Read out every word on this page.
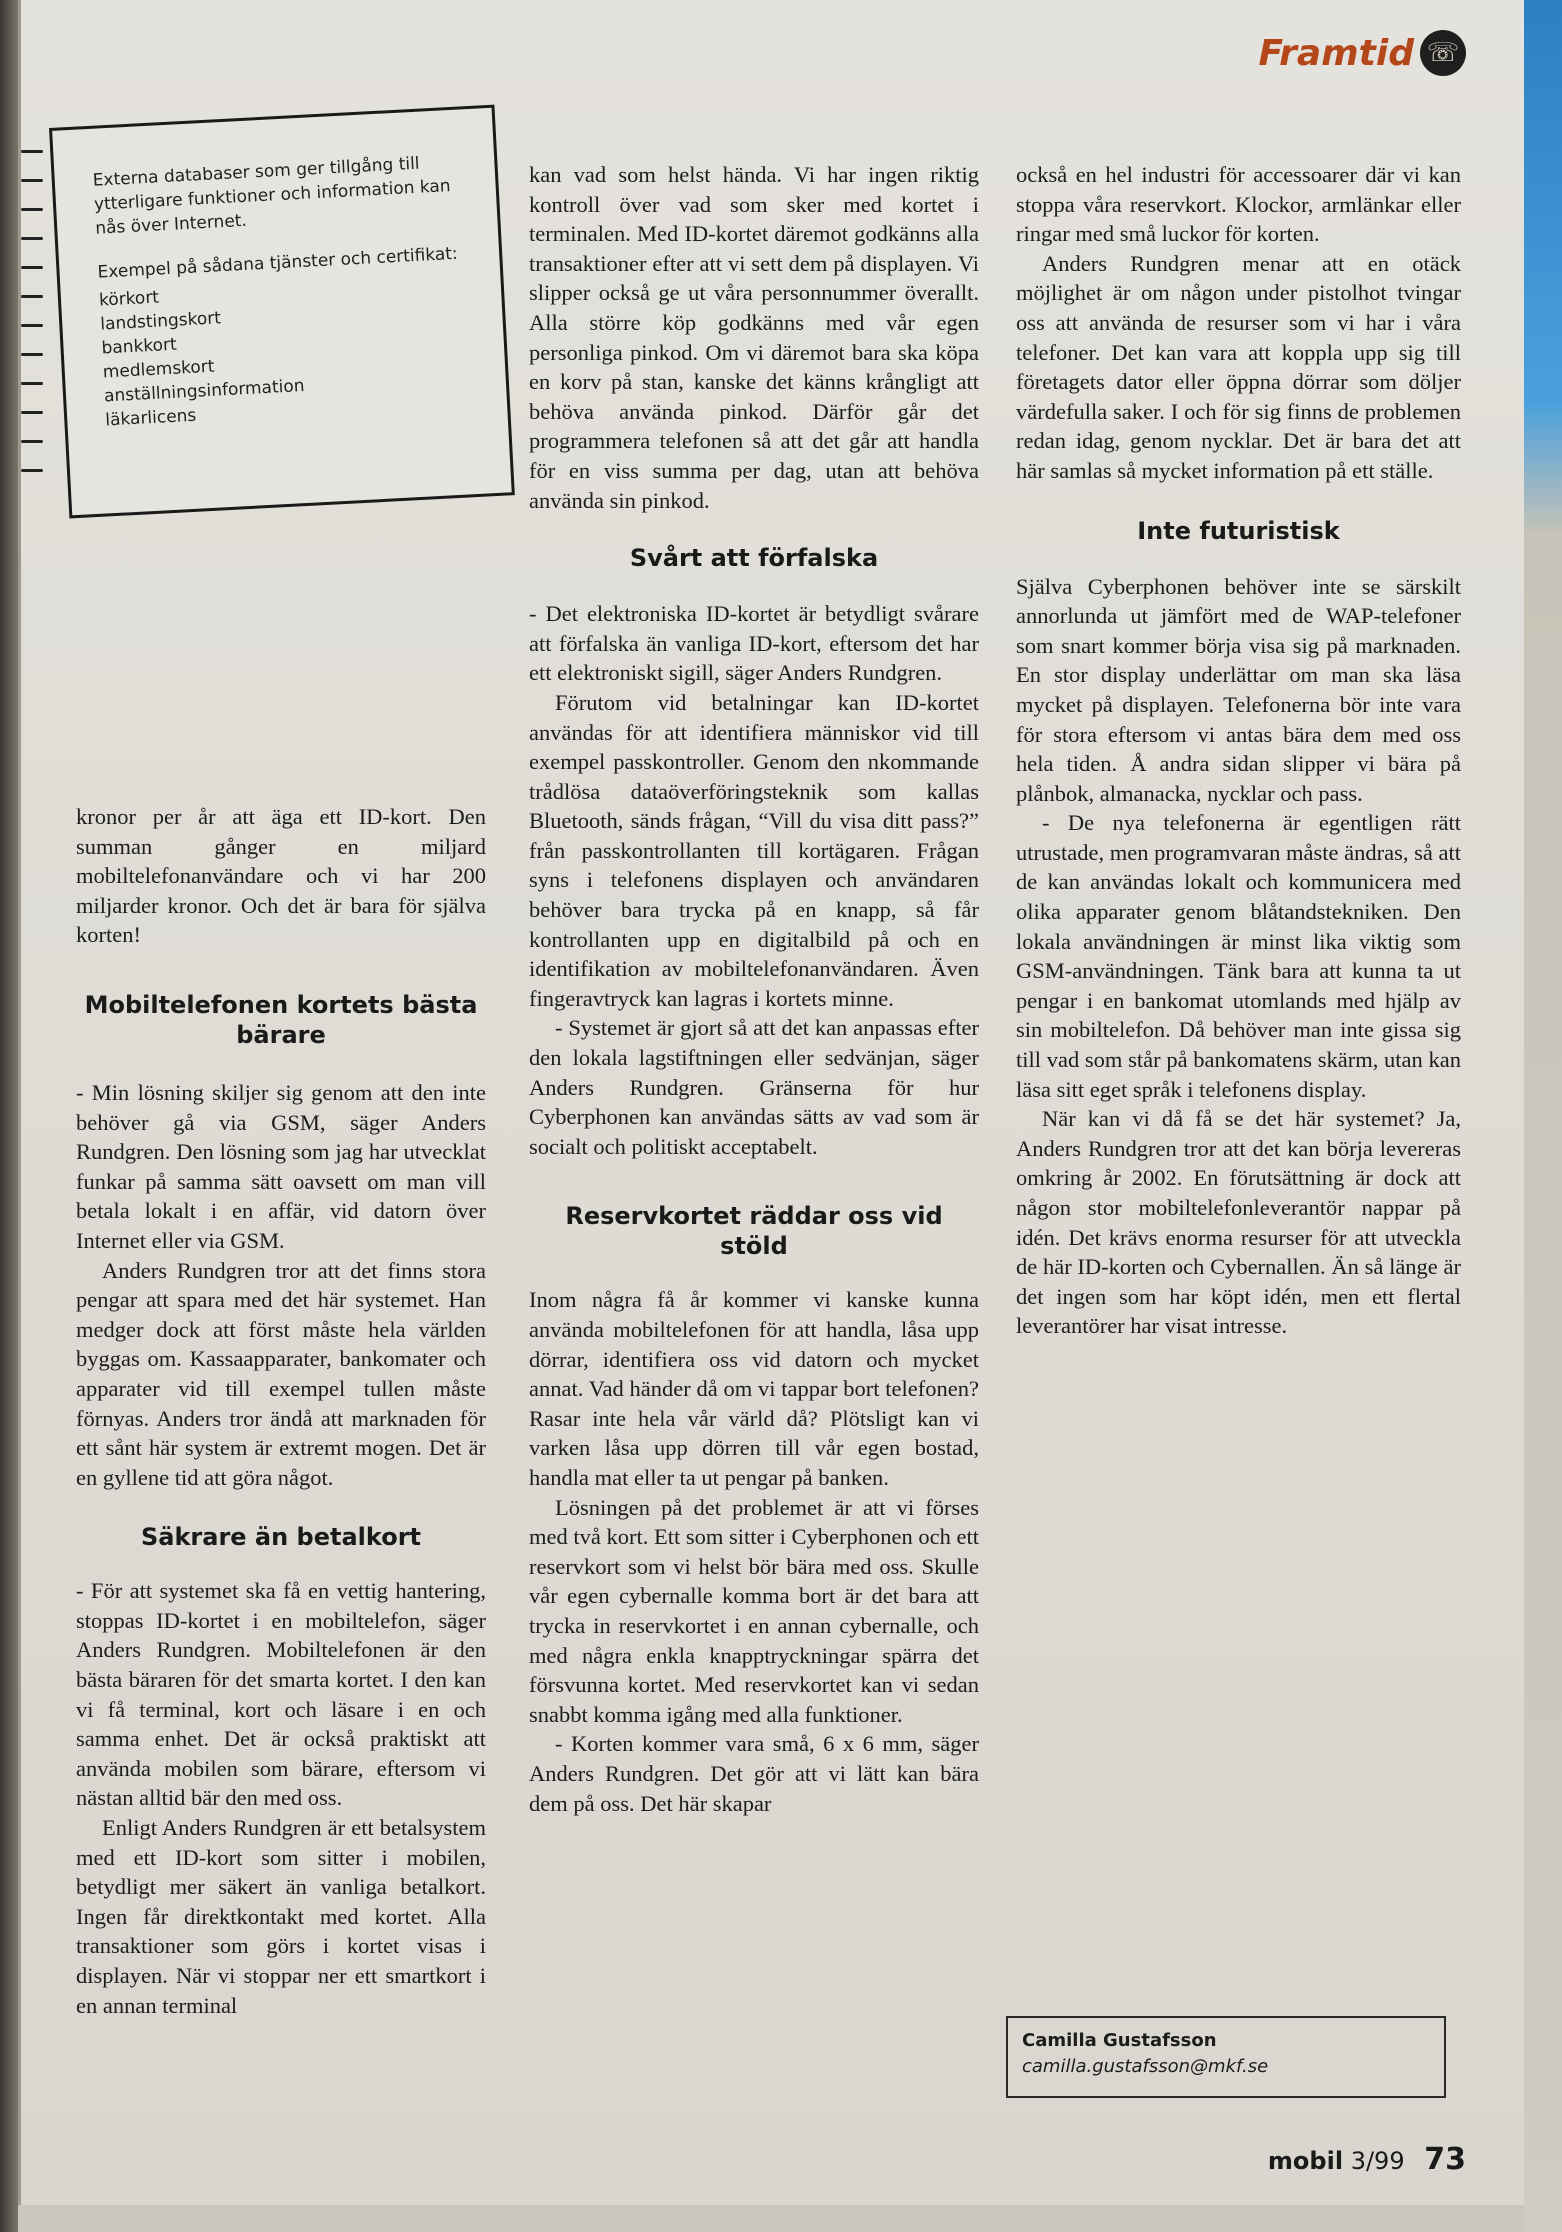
Framtid ☏

Externa databaser som ger tillgång till ytterligare funktioner och information kan nås över Internet.

Exempel på sådana tjänster och certifikat:

körkort
landstingskort
bankkort
medlemskort
anställningsinformation
läkarlicens

kronor per år att äga ett ID-kort. Den summan gånger en miljard mobiltelefonanvändare och vi har 200 miljarder kronor. Och det är bara för själva korten!

Mobiltelefonen kortets bästa bärare

- Min lösning skiljer sig genom att den inte behöver gå via GSM, säger Anders Rundgren. Den lösning som jag har utvecklat funkar på samma sätt oavsett om man vill betala lokalt i en affär, vid datorn över Internet eller via GSM.

Anders Rundgren tror att det finns stora pengar att spara med det här systemet. Han medger dock att först måste hela världen byggas om. Kassaapparater, bankomater och apparater vid till exempel tullen måste förnyas. Anders tror ändå att marknaden för ett sånt här system är extremt mogen. Det är en gyllene tid att göra något.

Säkrare än betalkort

- För att systemet ska få en vettig hantering, stoppas ID-kortet i en mobiltelefon, säger Anders Rundgren. Mobiltelefonen är den bästa bäraren för det smarta kortet. I den kan vi få terminal, kort och läsare i en och samma enhet. Det är också praktiskt att använda mobilen som bärare, eftersom vi nästan alltid bär den med oss.

Enligt Anders Rundgren är ett betalsystem med ett ID-kort som sitter i mobilen, betydligt mer säkert än vanliga betalkort. Ingen får direktkontakt med kortet. Alla transaktioner som görs i kortet visas i displayen. När vi stoppar ner ett smartkort i en annan terminal

kan vad som helst hända. Vi har ingen riktig kontroll över vad som sker med kortet i terminalen. Med ID-kortet däremot godkänns alla transaktioner efter att vi sett dem på displayen. Vi slipper också ge ut våra personnummer överallt. Alla större köp godkänns med vår egen personliga pinkod. Om vi däremot bara ska köpa en korv på stan, kanske det känns krångligt att behöva använda pinkod. Därför går det programmera telefonen så att det går att handla för en viss summa per dag, utan att behöva använda sin pinkod.

Svårt att förfalska

- Det elektroniska ID-kortet är betydligt svårare att förfalska än vanliga ID-kort, eftersom det har ett elektroniskt sigill, säger Anders Rundgren.

Förutom vid betalningar kan ID-kortet användas för att identifiera människor vid till exempel passkontroller. Genom den nkommande trådlösa dataöverföringsteknik som kallas Bluetooth, sänds frågan, “Vill du visa ditt pass?” från passkontrollanten till kortägaren. Frågan syns i telefonens displayen och användaren behöver bara trycka på en knapp, så får kontrollanten upp en digitalbild på och en identifikation av mobiltelefonanvändaren. Även fingeravtryck kan lagras i kortets minne.

- Systemet är gjort så att det kan anpassas efter den lokala lagstiftningen eller sedvänjan, säger Anders Rundgren. Gränserna för hur Cyberphonen kan användas sätts av vad som är socialt och politiskt acceptabelt.

Reservkortet räddar oss vid stöld

Inom några få år kommer vi kanske kunna använda mobiltelefonen för att handla, låsa upp dörrar, identifiera oss vid datorn och mycket annat. Vad händer då om vi tappar bort telefonen? Rasar inte hela vår värld då? Plötsligt kan vi varken låsa upp dörren till vår egen bostad, handla mat eller ta ut pengar på banken.

Lösningen på det problemet är att vi förses med två kort. Ett som sitter i Cyberphonen och ett reservkort som vi helst bör bära med oss. Skulle vår egen cybernalle komma bort är det bara att trycka in reservkortet i en annan cybernalle, och med några enkla knapptryckningar spärra det försvunna kortet. Med reservkortet kan vi sedan snabbt komma igång med alla funktioner.

- Korten kommer vara små, 6 x 6 mm, säger Anders Rundgren. Det gör att vi lätt kan bära dem på oss. Det här skapar

också en hel industri för accessoarer där vi kan stoppa våra reservkort. Klockor, armlänkar eller ringar med små luckor för korten.

Anders Rundgren menar att en otäck möjlighet är om någon under pistolhot tvingar oss att använda de resurser som vi har i våra telefoner. Det kan vara att koppla upp sig till företagets dator eller öppna dörrar som döljer värdefulla saker. I och för sig finns de problemen redan idag, genom nycklar. Det är bara det att här samlas så mycket information på ett ställe.

Inte futuristisk

Själva Cyberphonen behöver inte se särskilt annorlunda ut jämfört med de WAP-telefoner som snart kommer börja visa sig på marknaden. En stor display underlättar om man ska läsa mycket på displayen. Telefonerna bör inte vara för stora eftersom vi antas bära dem med oss hela tiden. Å andra sidan slipper vi bära på plånbok, almanacka, nycklar och pass.

- De nya telefonerna är egentligen rätt utrustade, men programvaran måste ändras, så att de kan användas lokalt och kommunicera med olika apparater genom blåtandstekniken. Den lokala användningen är minst lika viktig som GSM-användningen. Tänk bara att kunna ta ut pengar i en bankomat utomlands med hjälp av sin mobiltelefon. Då behöver man inte gissa sig till vad som står på bankomatens skärm, utan kan läsa sitt eget språk i telefonens display.

När kan vi då få se det här systemet? Ja, Anders Rundgren tror att det kan börja levereras omkring år 2002. En förutsättning är dock att någon stor mobiltelefonleverantör nappar på idén. Det krävs enorma resurser för att utveckla de här ID-korten och Cybernallen. Än så länge är det ingen som har köpt idén, men ett flertal leverantörer har visat intresse.

Camilla Gustafsson
camilla.gustafsson@mkf.se
mobil 3/99 73
